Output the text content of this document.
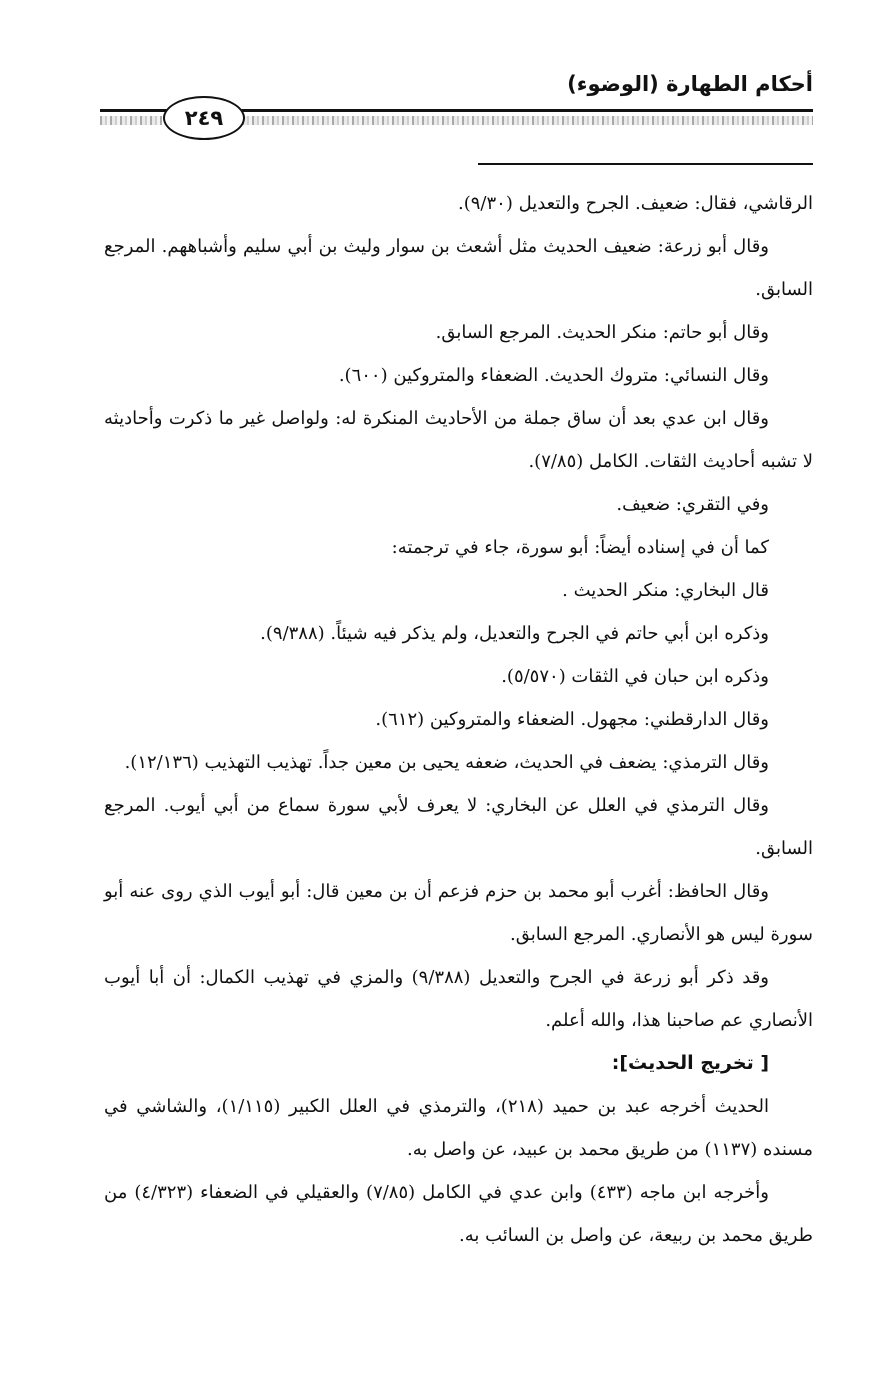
أحكام الطهارة (الوضوء)
٢٤٩

الرقاشي، فقال: ضعيف. الجرح والتعديل (٩/٣٠).

وقال أبو زرعة: ضعيف الحديث مثل أشعث بن سوار وليث بن أبي سليم وأشباههم. المرجع السابق.

وقال أبو حاتم: منكر الحديث. المرجع السابق.

وقال النسائي: متروك الحديث. الضعفاء والمتروكين (٦٠٠).

وقال ابن عدي بعد أن ساق جملة من الأحاديث المنكرة له: ولواصل غير ما ذكرت وأحاديثه لا تشبه أحاديث الثقات. الكامل (٧/٨٥).

وفي التقري: ضعيف.

كما أن في إسناده أيضاً: أبو سورة، جاء في ترجمته:

قال البخاري: منكر الحديث .

وذكره ابن أبي حاتم في الجرح والتعديل، ولم يذكر فيه شيئاً. (٩/٣٨٨).

وذكره ابن حبان في الثقات (٥/٥٧٠).

وقال الدارقطني: مجهول. الضعفاء والمتروكين (٦١٢).

وقال الترمذي: يضعف في الحديث، ضعفه يحيى بن معين جداً. تهذيب التهذيب (١٢/١٣٦).

وقال الترمذي في العلل عن البخاري: لا يعرف لأبي سورة سماع من أبي أيوب. المرجع السابق.

وقال الحافظ: أغرب أبو محمد بن حزم فزعم أن بن معين قال: أبو أيوب الذي روى عنه أبو سورة ليس هو الأنصاري. المرجع السابق.

وقد ذكر أبو زرعة في الجرح والتعديل (٩/٣٨٨) والمزي في تهذيب الكمال: أن أبا أيوب الأنصاري عم صاحبنا هذا، والله أعلم.

[ تخريج الحديث]:

الحديث أخرجه عبد بن حميد (٢١٨)، والترمذي في العلل الكبير (١/١١٥)، والشاشي في مسنده (١١٣٧) من طريق محمد بن عبيد، عن واصل به.

وأخرجه ابن ماجه (٤٣٣) وابن عدي في الكامل (٧/٨٥) والعقيلي في الضعفاء (٤/٣٢٣) من طريق محمد بن ربيعة، عن واصل بن السائب به.
